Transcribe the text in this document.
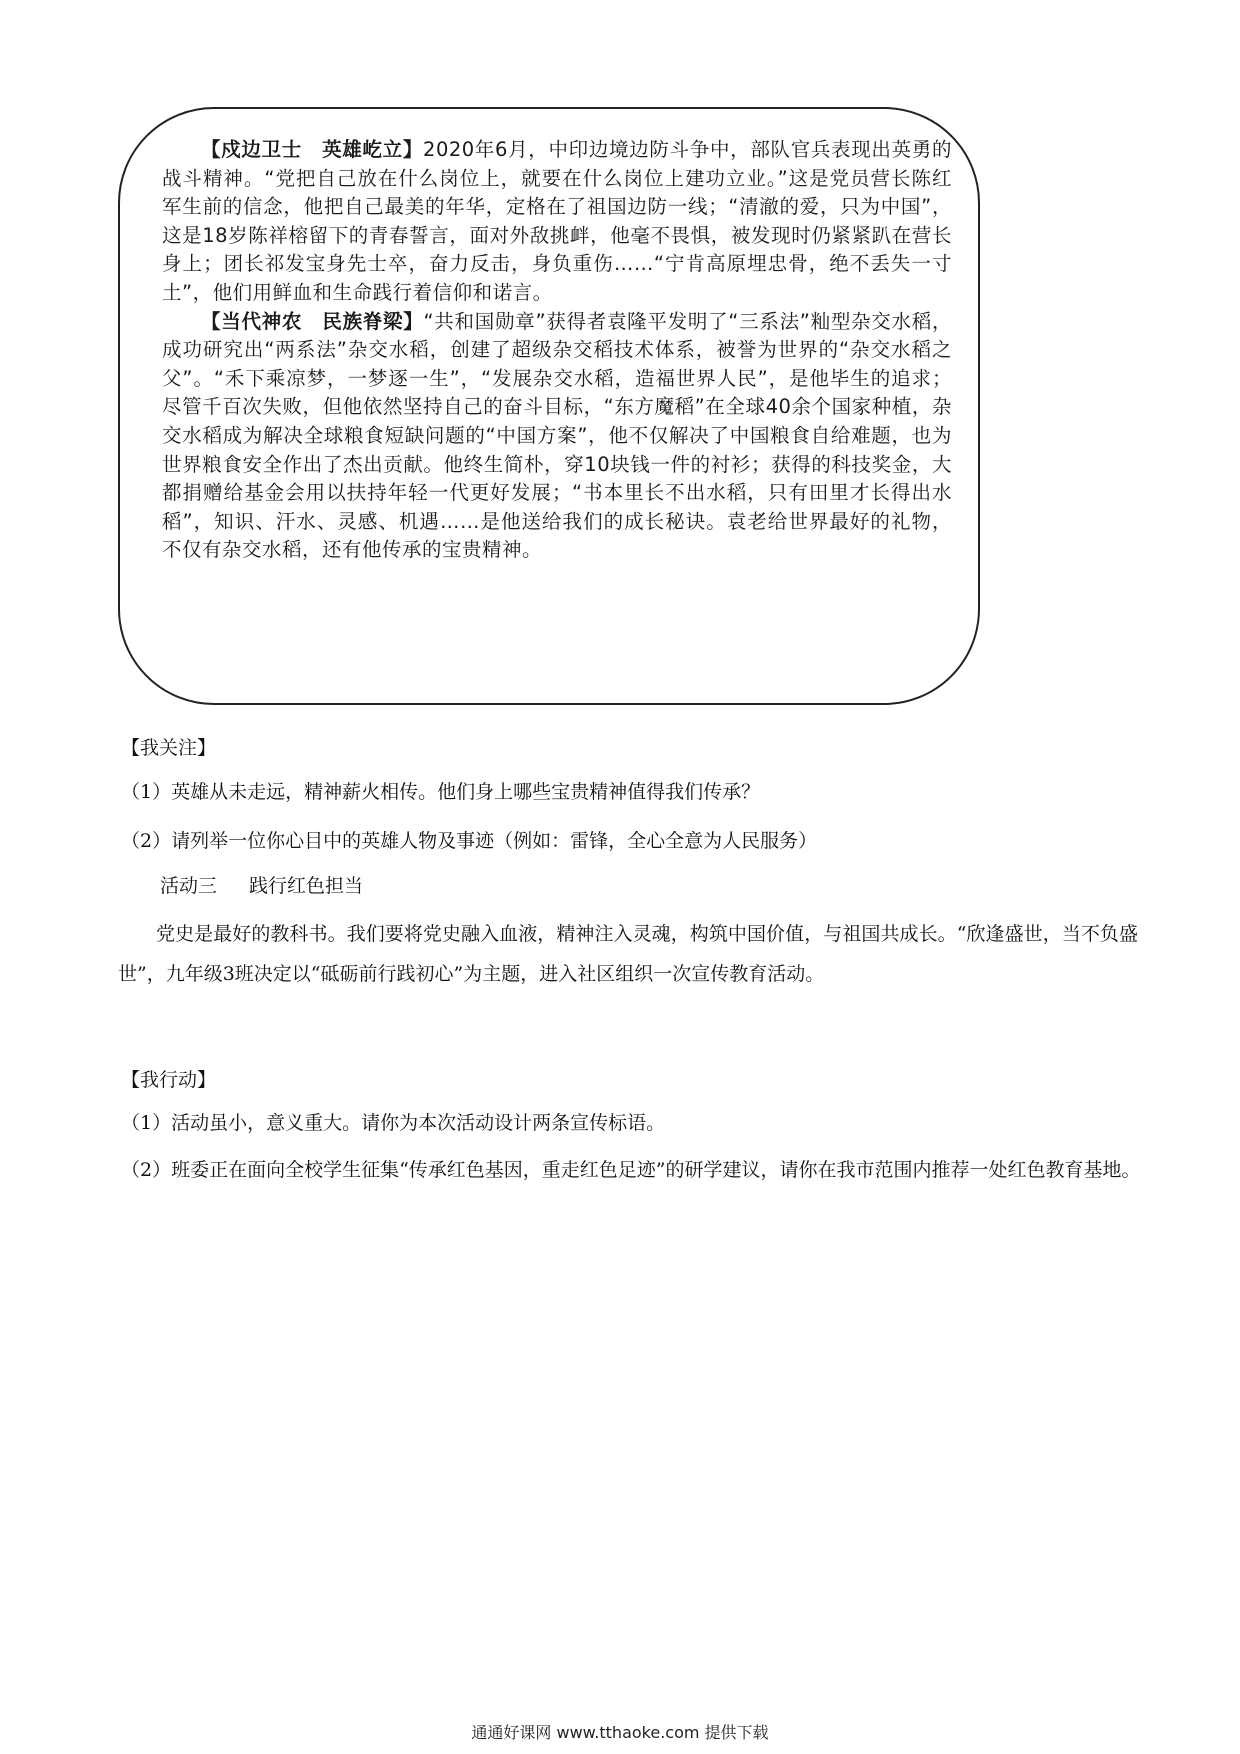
【戍边卫士　英雄屹立】2020年6月，中印边境边防斗争中，部队官兵表现出英勇的战斗精神。“党把自己放在什么岗位上，就要在什么岗位上建功立业。”这是党员营长陈红军生前的信念，他把自己最美的年华，定格在了祖国边防一线；“清澈的爱，只为中国”，这是18岁陈祥榕留下的青春誓言，面对外敌挑衅，他毫不畏惧，被发现时仍紧紧趴在营长身上；团长祁发宝身先士卒，奋力反击，身负重伤……“宁肯高原埋忠骨，绝不丢失一寸土”，他们用鲜血和生命践行着信仰和诺言。

【当代神农　民族脊梁】“共和国勋章”获得者袁隆平发明了“三系法”籼型杂交水稻，成功研究出“两系法”杂交水稻，创建了超级杂交稻技术体系，被誉为世界的“杂交水稻之父”。“禾下乘凉梦，一梦逐一生”，“发展杂交水稻，造福世界人民”，是他毕生的追求；尽管千百次失败，但他依然坚持自己的奋斗目标，“东方魔稻”在全球40余个国家种植，杂交水稻成为解决全球粮食短缺问题的“中国方案”，他不仅解决了中国粮食自给难题，也为世界粮食安全作出了杰出贡献。他终生简朴，穿10块钱一件的衬衫；获得的科技奖金，大都捐赠给基金会用以扶持年轻一代更好发展；“书本里长不出水稻，只有田里才长得出水稻”，知识、汗水、灵感、机遇……是他送给我们的成长秘诀。袁老给世界最好的礼物，不仅有杂交水稻，还有他传承的宝贵精神。

【我关注】
（1）英雄从未走远，精神薪火相传。他们身上哪些宝贵精神值得我们传承？
（2）请列举一位你心目中的英雄人物及事迹（例如：雷锋，全心全意为人民服务）
活动三 践行红色担当
党史是最好的教科书。我们要将党史融入血液，精神注入灵魂，构筑中国价值，与祖国共成长。“欣逢盛世，当不负盛世”，九年级3班决定以“砥砺前行践初心”为主题，进入社区组织一次宣传教育活动。
【我行动】
（1）活动虽小，意义重大。请你为本次活动设计两条宣传标语。
（2）班委正在面向全校学生征集“传承红色基因，重走红色足迹”的研学建议，请你在我市范围内推荐一处红色教育基地。
通通好课网 www.tthaoke.com 提供下载
